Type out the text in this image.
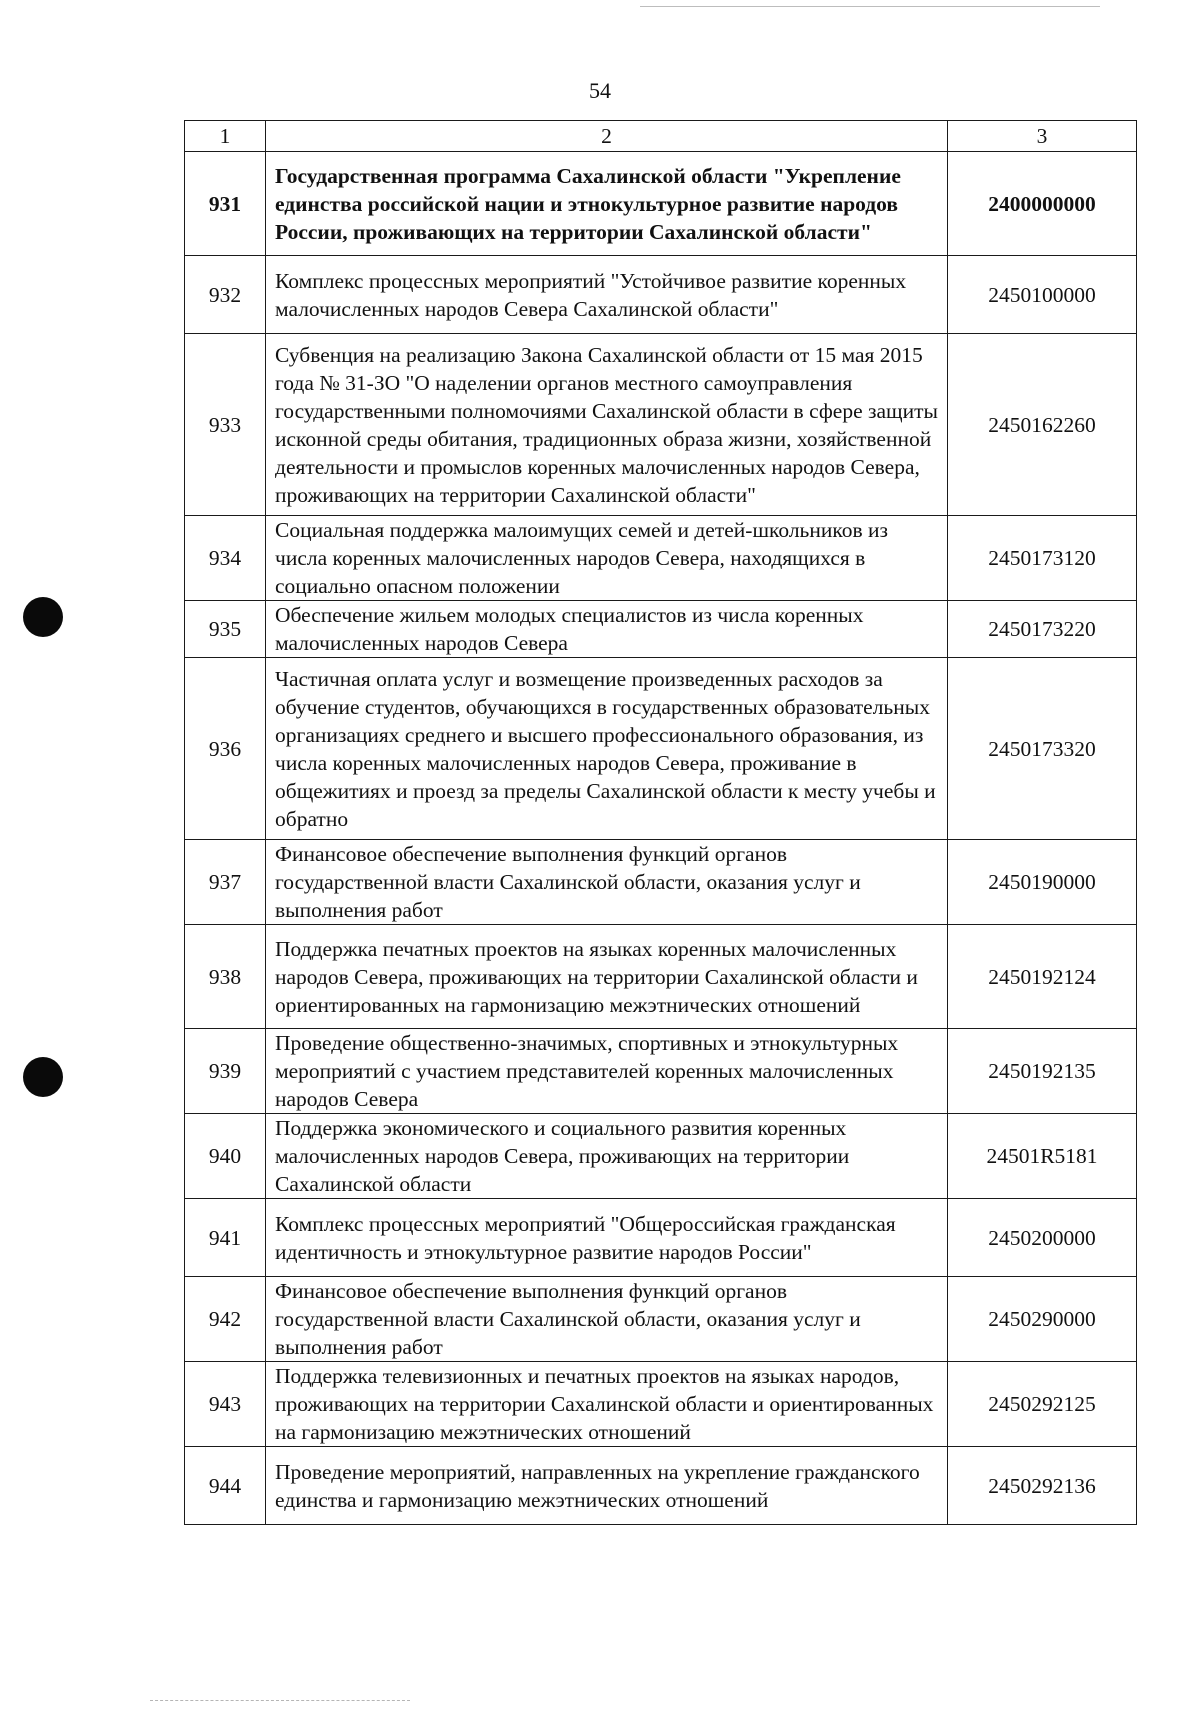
54
1	2	3
931	Государственная программа Сахалинской области "Укрепление единства российской нации и этнокультурное развитие народов России, проживающих на территории Сахалинской области"	2400000000
932	Комплекс процессных мероприятий "Устойчивое развитие коренных малочисленных народов Севера Сахалинской области"	2450100000
933	Субвенция на реализацию Закона Сахалинской области от 15 мая 2015 года № 31-ЗО "О наделении органов местного самоуправления государственными полномочиями Сахалинской области в сфере защиты исконной среды обитания, традиционных образа жизни, хозяйственной деятельности и промыслов коренных малочисленных народов Севера, проживающих на территории Сахалинской области"	2450162260
934	Социальная поддержка малоимущих семей и детей-школьников из числа коренных малочисленных народов Севера, находящихся в социально опасном положении	2450173120
935	Обеспечение жильем молодых специалистов из числа коренных малочисленных народов Севера	2450173220
936	Частичная оплата услуг и возмещение произведенных расходов за обучение студентов, обучающихся в государственных образовательных организациях среднего и высшего профессионального образования, из числа коренных малочисленных народов Севера, проживание в общежитиях и проезд за пределы Сахалинской области к месту учебы и обратно	2450173320
937	Финансовое обеспечение выполнения функций органов государственной власти Сахалинской области, оказания услуг и выполнения работ	2450190000
938	Поддержка печатных проектов на языках коренных малочисленных народов Севера, проживающих на территории Сахалинской области и ориентированных на гармонизацию межэтнических отношений	2450192124
939	Проведение общественно-значимых, спортивных и этнокультурных мероприятий с участием представителей коренных малочисленных народов Севера	2450192135
940	Поддержка экономического и социального развития коренных малочисленных народов Севера, проживающих на территории Сахалинской области	24501R5181
941	Комплекс процессных мероприятий "Общероссийская гражданская идентичность и этнокультурное развитие народов России"	2450200000
942	Финансовое обеспечение выполнения функций органов государственной власти Сахалинской области, оказания услуг и выполнения работ	2450290000
943	Поддержка телевизионных и печатных проектов на языках народов, проживающих на территории Сахалинской области и ориентированных на гармонизацию межэтнических отношений	2450292125
944	Проведение мероприятий, направленных на укрепление гражданского единства и гармонизацию межэтнических отношений	2450292136
